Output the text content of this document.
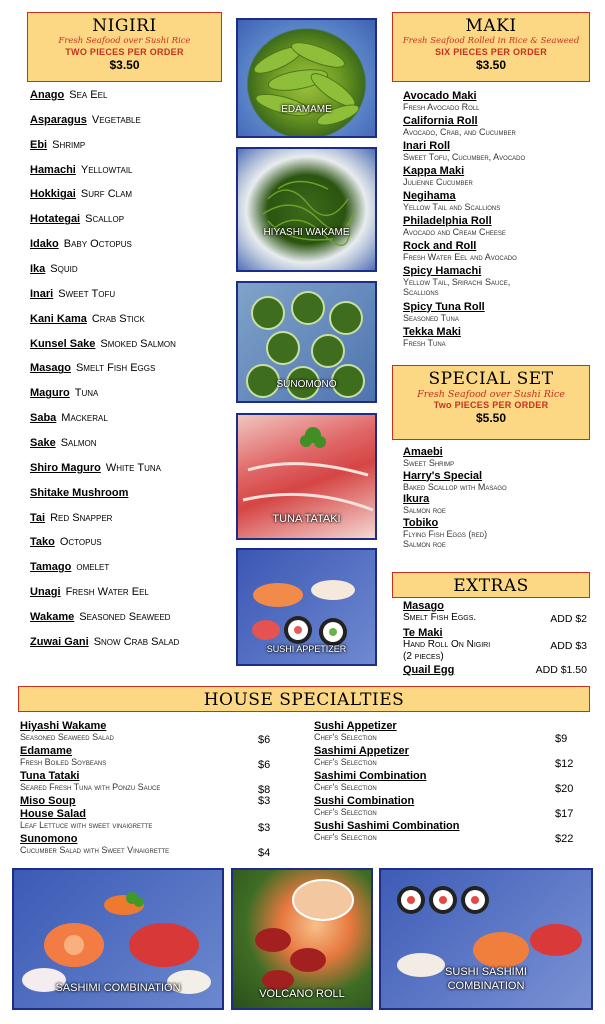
NIGIRI
Fresh Seafood over Sushi Rice
TWO PIECES PER ORDER
$3.50
Anago Sea Eel
Asparagus Vegetable
Ebi Shrimp
Hamachi Yellowtail
Hokkigai Surf Clam
Hotategai Scallop
Idako Baby Octopus
Ika Squid
Inari Sweet Tofu
Kani Kama Crab Stick
Kunsel Sake Smoked Salmon
Masago Smelt Fish Eggs
Maguro Tuna
Saba Mackeral
Sake Salmon
Shiro Maguro White Tuna
Shitake Mushroom
Tai Red Snapper
Tako Octopus
Tamago omelet
Unagi Fresh Water Eel
Wakame Seasoned Seaweed
Zuwai Gani Snow Crab Salad
MAKI
Fresh Seafood Rolled in Rice & Seaweed
SIX PIECES PER ORDER
$3.50
Avocado Maki
Fresh Avocado Roll
California Roll
Avocado, Crab, and Cucumber
Inari Roll
Sweet Tofu, Cucumber, Avocado
Kappa Maki
Julienne Cucumber
Negihama
Yellow Tail and Scallions
Philadelphia Roll
Avocado and Cream Cheese
Rock and Roll
Fresh Water Eel and Avocado
Spicy Hamachi
Yellow Tail, Srirachi Sauce,
Scallions
Spicy Tuna Roll
Seasoned Tuna
Tekka Maki
Fresh Tuna
SPECIAL SET
Fresh Seafood over Sushi Rice
Two PIECES PER ORDER
$5.50
Amaebi
Sweet Shrimp
Harry's Special
Baked Scallop with Masago
Ikura
Salmon roe
Tobiko
Flying Fish Eggs (red)
Salmon roe
EXTRAS
Masago
Smelt Fish Eggs.	ADD $2
Te Maki
Hand Roll On Nigiri
(2 pieces)
ADD $3
Quail Egg	ADD $1.50
HOUSE SPECIALTIES
Hiyashi Wakame
Seasoned Seaweed Salad	$6
Edamame
Fresh Boiled Soybeans	$6
Tuna Tataki
Seared Fresh Tuna with Ponzu Sauce	$8
Miso Soup	$3
House Salad
Leaf Lettuce with sweet vinaigrette	$3
Sunomono
Cucumber Salad with Sweet Vinaigrette	$4
Sushi Appetizer
Chef's Selection	$9
Sashimi Appetizer
Chef's Selection	$12
Sashimi Combination
Chef's Selection	$20
Sushi Combination
Chef's Selection	$17
Sushi Sashimi Combination
Chef's Selection	$22
EDAMAME
HIYASHI WAKAME
SUNOMONO
TUNA TATAKI
SUSHI APPETIZER
SASHIMI COMBINATION	VOLCANO ROLL
SUSHI SASHIMI
COMBINATION
